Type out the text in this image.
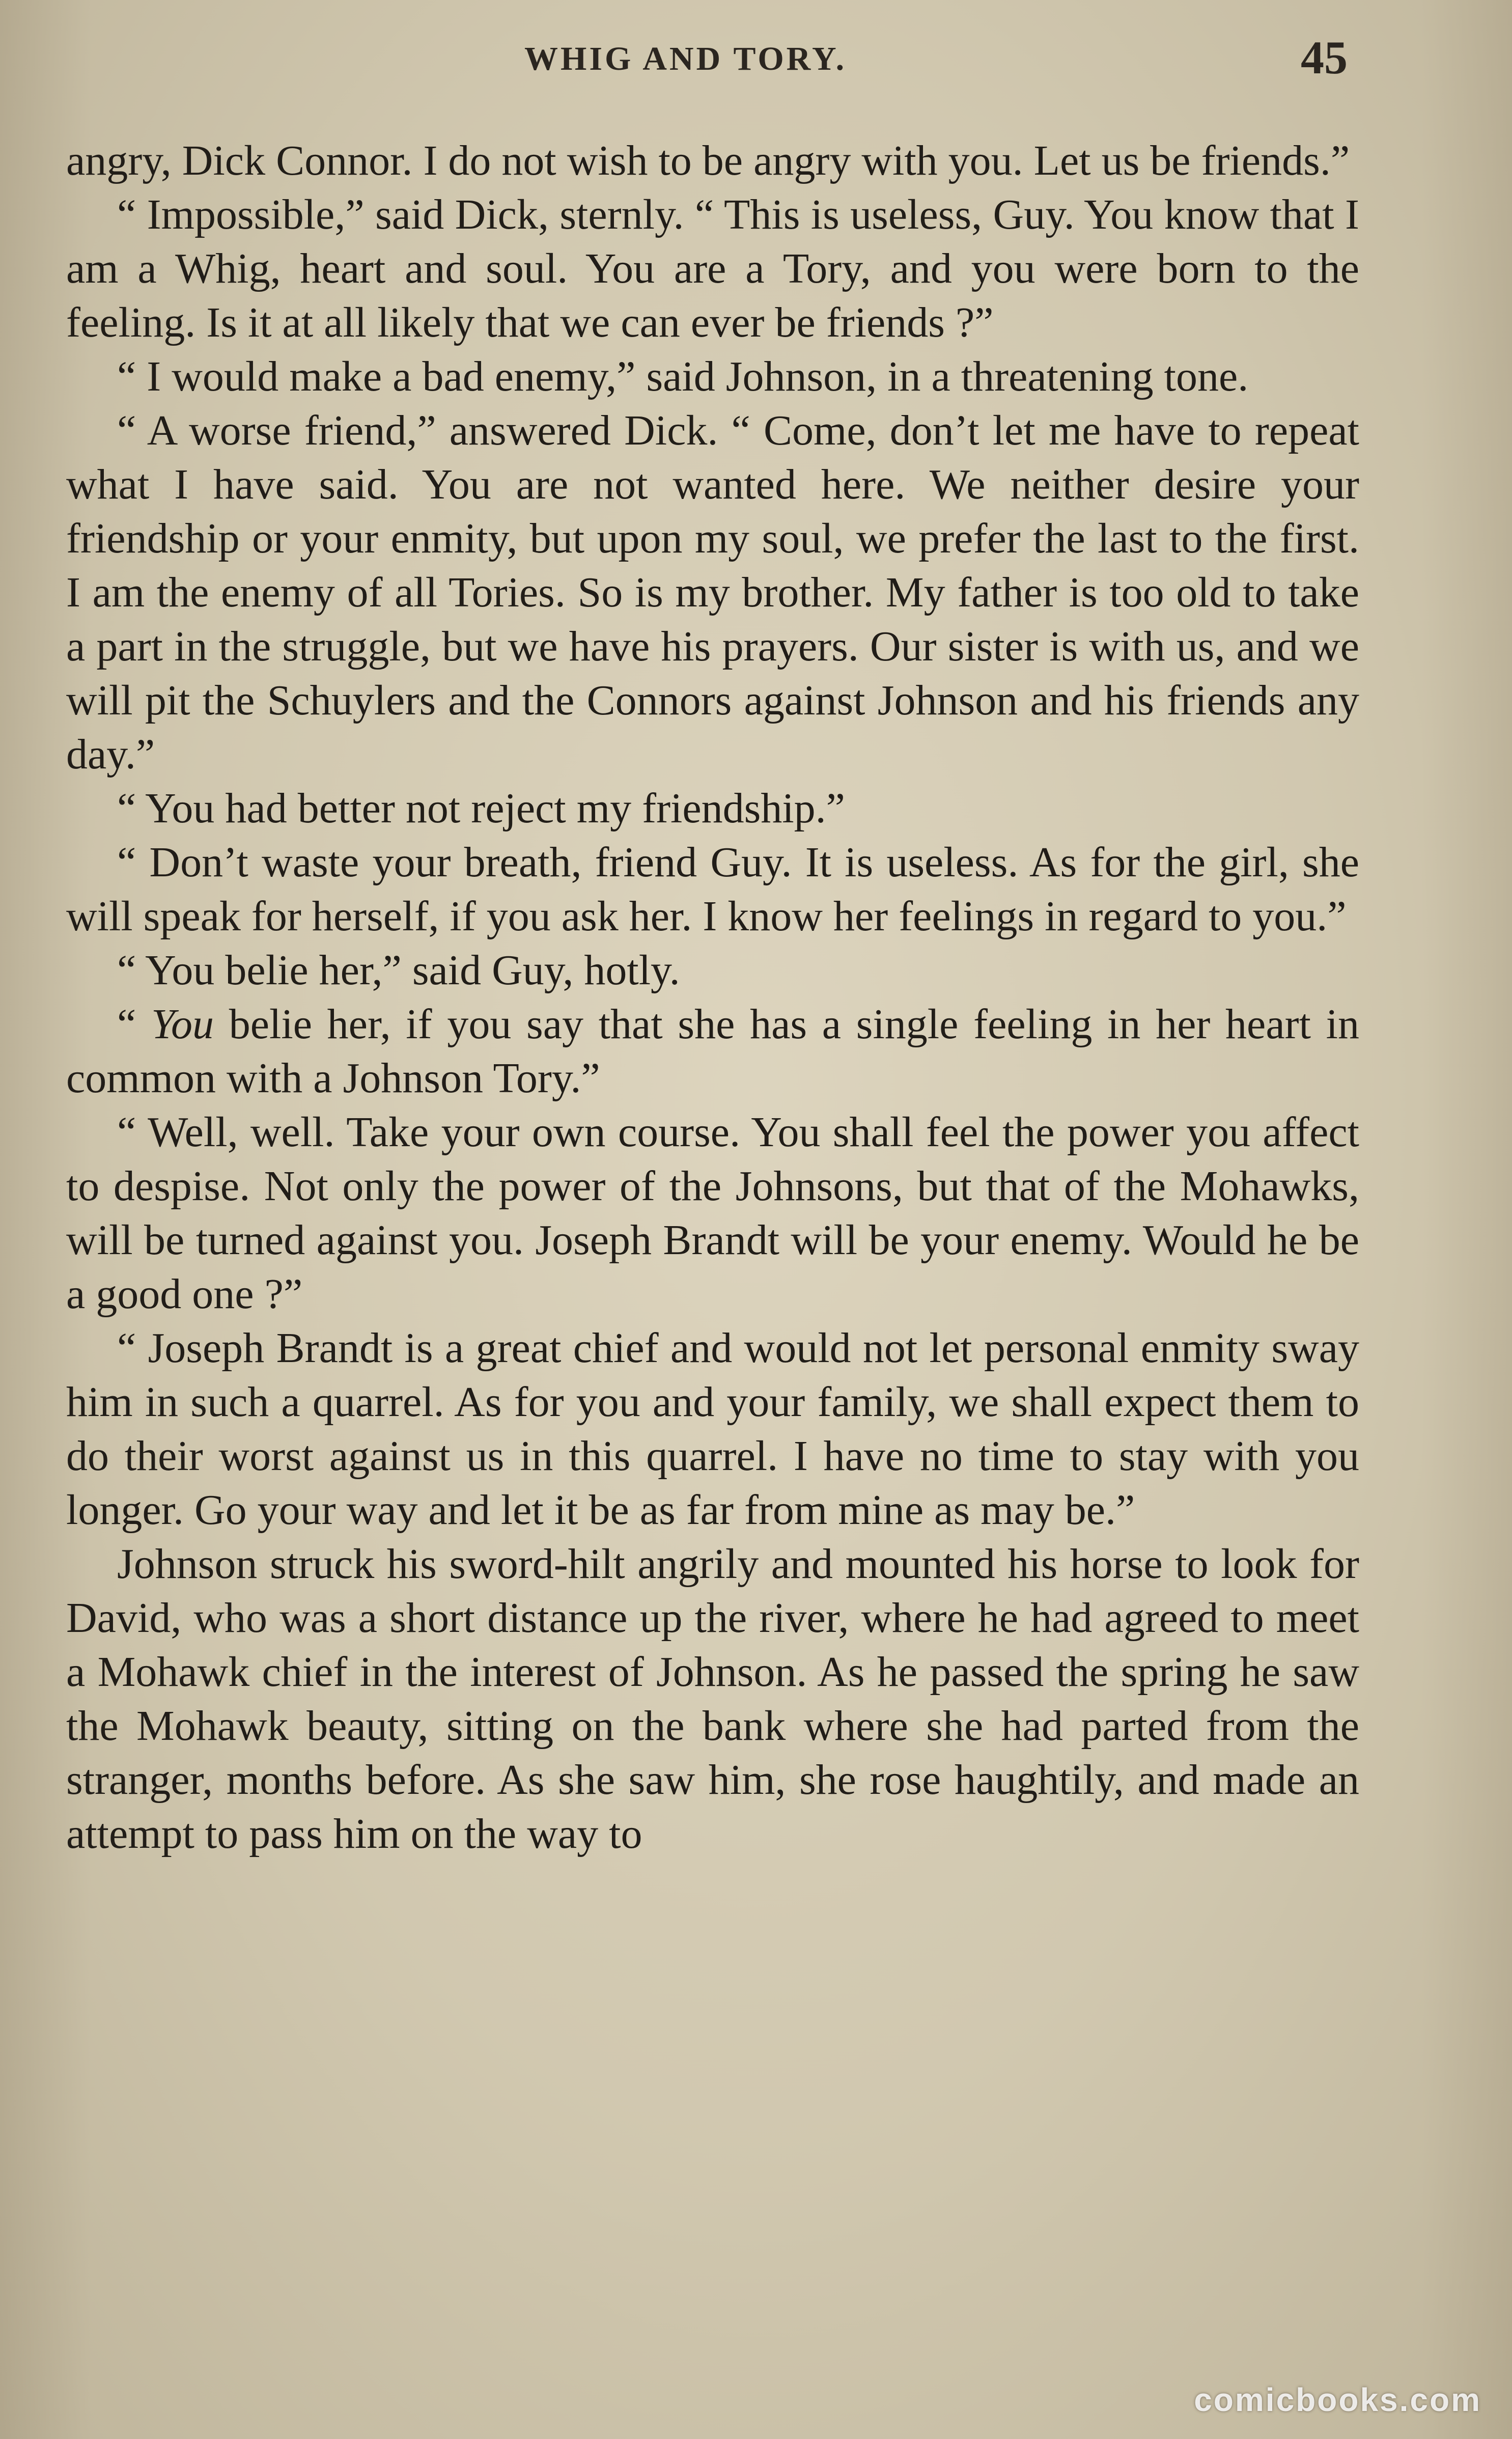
WHIG AND TORY.	45

angry, Dick Connor. I do not wish to be angry with you. Let us be friends.”

“ Impossible,” said Dick, sternly. “ This is useless, Guy. You know that I am a Whig, heart and soul. You are a Tory, and you were born to the feeling. Is it at all likely that we can ever be friends ?”

“ I would make a bad enemy,” said Johnson, in a threatening tone.

“ A worse friend,” answered Dick. “ Come, don’t let me have to repeat what I have said. You are not wanted here. We neither desire your friendship or your enmity, but upon my soul, we prefer the last to the first. I am the enemy of all Tories. So is my brother. My father is too old to take a part in the struggle, but we have his prayers. Our sister is with us, and we will pit the Schuylers and the Connors against Johnson and his friends any day.”

“ You had better not reject my friendship.”

“ Don’t waste your breath, friend Guy. It is useless. As for the girl, she will speak for herself, if you ask her. I know her feelings in regard to you.”

“ You belie her,” said Guy, hotly.

“ You belie her, if you say that she has a single feeling in her heart in common with a Johnson Tory.”

“ Well, well. Take your own course. You shall feel the power you affect to despise. Not only the power of the Johnsons, but that of the Mohawks, will be turned against you. Joseph Brandt will be your enemy. Would he be a good one ?”

“ Joseph Brandt is a great chief and would not let personal enmity sway him in such a quarrel. As for you and your family, we shall expect them to do their worst against us in this quarrel. I have no time to stay with you longer. Go your way and let it be as far from mine as may be.”

Johnson struck his sword-hilt angrily and mounted his horse to look for David, who was a short distance up the river, where he had agreed to meet a Mohawk chief in the interest of Johnson. As he passed the spring he saw the Mohawk beauty, sitting on the bank where she had parted from the stranger, months before. As she saw him, she rose haughtily, and made an attempt to pass him on the way to

comicbooks.com
